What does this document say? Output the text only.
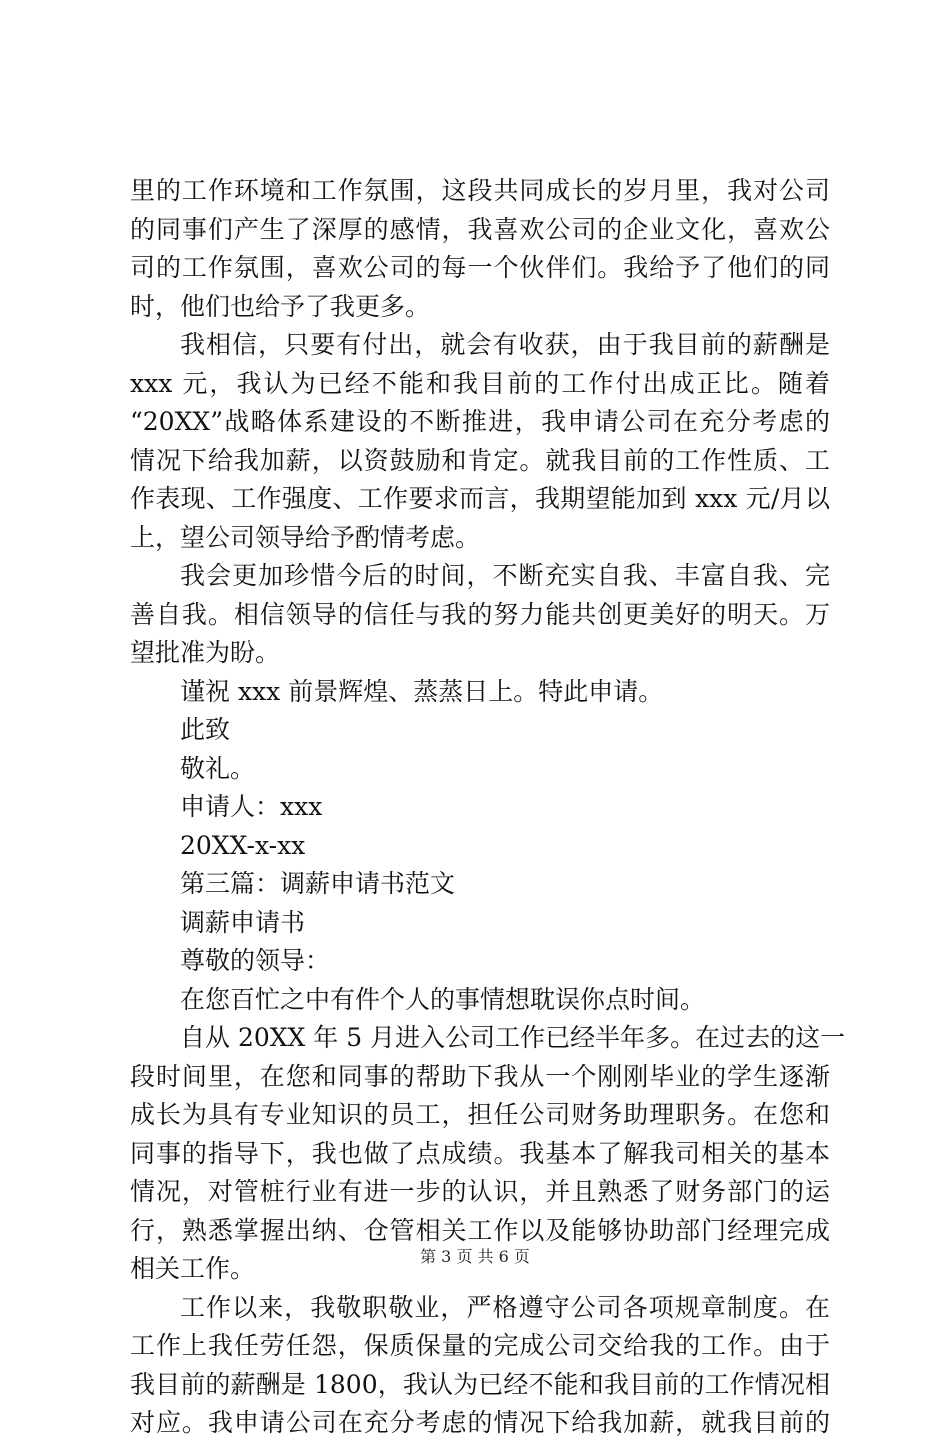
里的工作环境和工作氛围，这段共同成长的岁月里，我对公司
的同事们产生了深厚的感情，我喜欢公司的企业文化，喜欢公
司的工作氛围，喜欢公司的每一个伙伴们。我给予了他们的同
时，他们也给予了我更多。
我相信，只要有付出，就会有收获，由于我目前的薪酬是
xxx 元，我认为已经不能和我目前的工作付出成正比。随着
“20XX”战略体系建设的不断推进，我申请公司在充分考虑的
情况下给我加薪，以资鼓励和肯定。就我目前的工作性质、工
作表现、工作强度、工作要求而言，我期望能加到 xxx 元/月以
上，望公司领导给予酌情考虑。
我会更加珍惜今后的时间，不断充实自我、丰富自我、完
善自我。相信领导的信任与我的努力能共创更美好的明天。万
望批准为盼。
谨祝 xxx 前景辉煌、蒸蒸日上。特此申请。
此致
敬礼。
申请人：xxx
20XX-x-xx
第三篇：调薪申请书范文
调薪申请书
尊敬的领导：
在您百忙之中有件个人的事情想耽误你点时间。
自从 20XX 年 5 月进入公司工作已经半年多。在过去的这一
段时间里，在您和同事的帮助下我从一个刚刚毕业的学生逐渐
成长为具有专业知识的员工，担任公司财务助理职务。在您和
同事的指导下，我也做了点成绩。我基本了解我司相关的基本
情况，对管桩行业有进一步的认识，并且熟悉了财务部门的运
行，熟悉掌握出纳、仓管相关工作以及能够协助部门经理完成
相关工作。
工作以来，我敬职敬业，严格遵守公司各项规章制度。在
工作上我任劳任怨，保质保量的完成公司交给我的工作。由于
我目前的薪酬是 1800，我认为已经不能和我目前的工作情况相
对应。我申请公司在充分考虑的情况下给我加薪，就我目前的
第 3 页 共 6 页
